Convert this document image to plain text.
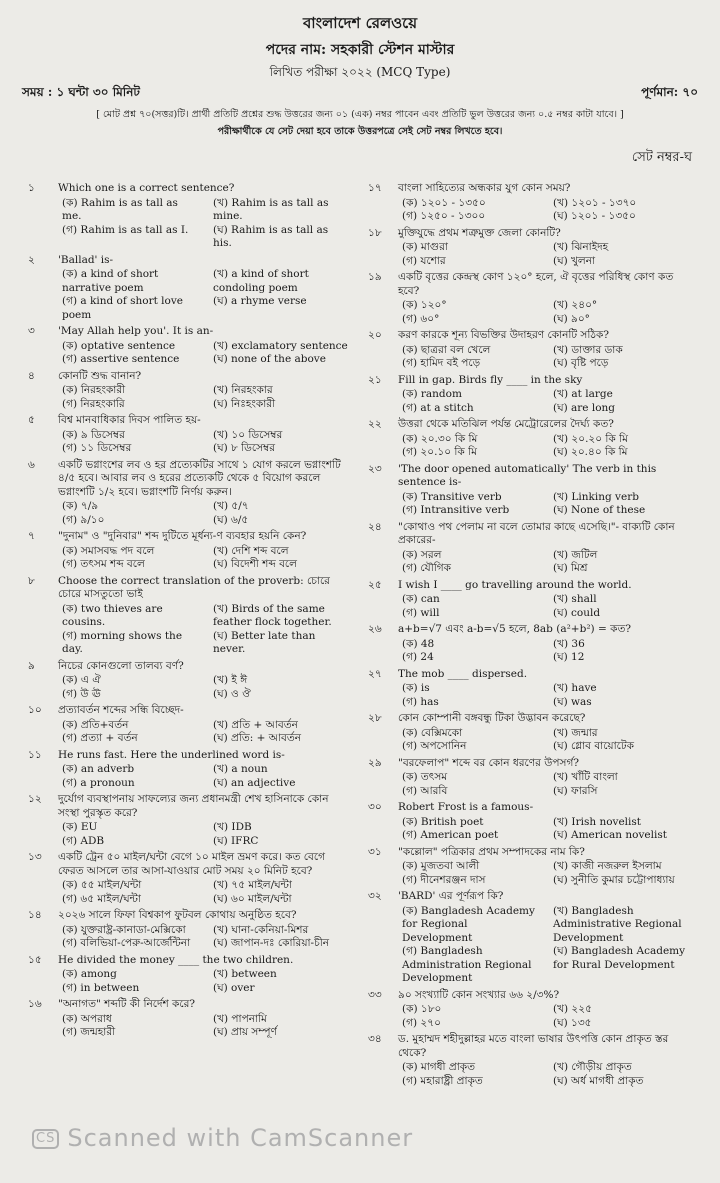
বাংলাদেশ রেলওয়ে
পদের নাম: সহকারী স্টেশন মাস্টার
লিখিত পরীক্ষা ২০২২ (MCQ Type)
সময় : ১ ঘন্টা ৩০ মিনিট	পূর্ণমান: ৭০
[ মোট প্রশ্ন ৭০(সত্তর)টি। প্রার্থী প্রতিটি প্রশ্নের শুদ্ধ উত্তরের জন্য ০১ (এক) নম্বর পাবেন এবং প্রতিটি ভুল উত্তরের জন্য ০.৫ নম্বর কাটা যাবে। ]
পরীক্ষার্থীকে যে সেট দেয়া হবে তাকে উত্তরপত্রে সেই সেট নম্বর লিখতে হবে।
সেট নম্বর-ঘ
১	Which one is a correct sentence?
(ক) Rahim is as tall as me.
(খ) Rahim is as tall as mine.
(গ) Rahim is as tall as I.	(ঘ) Rahim is as tall as his.
২	'Ballad' is-
(ক) a kind of short narrative poem
(খ) a kind of short condoling poem
(গ) a kind of short love poem
(ঘ) a rhyme verse
৩	'May Allah help you'. It is an-
(ক) optative sentence	(খ) exclamatory sentence
(গ) assertive sentence	(ঘ) none of the above
৪	কোনটি শুদ্ধ বানান?
(ক) নিরহংকারী	(খ) নিরহংকার
(গ) নিরহংকারি	(ঘ) নিঃহংকারী
৫	বিশ্ব মানবাধিকার দিবস পালিত হয়-
(ক) ৯ ডিসেম্বর	(খ) ১০ ডিসেম্বর
(গ) ১১ ডিসেম্বর	(ঘ) ৮ ডিসেম্বর
৬	একটি ভগ্নাংশের লব ও হর প্রত্যেকটির সাথে ১ যোগ করলে ভগ্নাংশটি ৪/৫ হবে। আবার লব ও হরের প্রত্যেকটি থেকে ৫ বিয়োগ করলে ভগ্নাংশটি ১/২ হবে। ভগ্নাংশটি নির্ণয় করুন।
(ক) ৭/৯	(খ) ৫/৭
(গ) ৯/১০	(ঘ) ৬/৫
৭	"দুনাম" ও "দুনিবার" শব্দ দুটিতে মূর্ধন্য-ণ ব্যবহার হয়নি কেন?
(ক) সমাসবদ্ধ পদ বলে	(খ) দেশি শব্দ বলে
(গ) তৎসম শব্দ বলে	(ঘ) বিদেশী শব্দ বলে
৮	Choose the correct translation of the proverb: চোরে চোরে মাসতুতো ভাই
(ক) two thieves are cousins.
(খ) Birds of the same feather flock together.
(গ) morning shows the day.
(ঘ) Better late than never.
৯	নিচের কোনগুলো তালব্য বর্ণ?
(ক) এ ঐ	(খ) ই ঈ
(গ) উ ঊ	(ঘ) ও ঔ
১০	প্রত্যাবর্তন শব্দের সন্ধি বিচ্ছেদ-
(ক) প্রতি+বর্তন	(খ) প্রতি + আবর্তন
(গ) প্রত্যা + বর্তন	(ঘ) প্রতি: + আবর্তন
১১	He runs fast. Here the underlined word is-
(ক) an adverb	(খ) a noun
(গ) a pronoun	(ঘ) an adjective
১২	দুর্যোগ ব্যবস্থাপনায় সাফল্যের জন্য প্রধানমন্ত্রী শেখ হাসিনাকে কোন সংস্থা পুরস্কৃত করে?
(ক) EU	(খ) IDB
(গ) ADB	(ঘ) IFRC
১৩	একটি ট্রেন ৫০ মাইল/ঘন্টা বেগে ১০ মাইল ভ্রমণ করে। কত বেগে ফেরত আসলে তার আসা-যাওয়ার মোট সময় ২০ মিনিট হবে?
(ক) ৫৫ মাইল/ঘন্টা	(খ) ৭৫ মাইল/ঘন্টা
(গ) ৬৫ মাইল/ঘন্টা	(ঘ) ৬০ মাইল/ঘন্টা
১৪	২০২৬ সালে ফিফা বিশ্বকাপ ফুটবল কোথায় অনুষ্ঠিত হবে?
(ক) যুক্তরাষ্ট্র-কানাডা-মেক্সিকো	(খ) ঘানা-কেনিয়া-মিশর
(গ) বলিভিয়া-পেরু-আর্জেন্টিনা	(ঘ) জাপান-দঃ কোরিয়া-চীন
১৫	He divided the money ____ the two children.
(ক) among	(খ) between
(গ) in between	(ঘ) over
১৬	"অনাগত" শব্দটি কী নির্দেশ করে?
(ক) অপরাধ	(খ) পাপনামি
(গ) জন্মহারী	(ঘ) প্রায় সম্পূর্ণ
১৭	বাংলা সাহিত্যের অন্ধকার যুগ কোন সময়?
(ক) ১২০১ - ১৩৫০	(খ) ১২০১ - ১৩৭০
(গ) ১২৫০ - ১৩০০	(ঘ) ১২০১ - ১৩৫০
১৮	মুক্তিযুদ্ধে প্রথম শত্রুমুক্ত জেলা কোনটি?
(ক) মাগুরা	(খ) ঝিনাইদহ
(গ) যশোর	(ঘ) খুলনা
১৯	একটি বৃত্তের কেন্দ্রস্থ কোণ ১২০° হলে, ঐ বৃত্তের পরিধিস্থ কোণ কত হবে?
(ক) ১২০°	(খ) ২৪০°
(গ) ৬০°	(ঘ) ৯০°
২০	করণ কারকে শূন্য বিভক্তির উদাহরণ কোনটি সঠিক?
(ক) ছাত্ররা বল খেলে	(খ) ডাক্তার ডাক
(গ) হামিদ বই পড়ে	(ঘ) বৃষ্টি পড়ে
২১	Fill in gap. Birds fly ____ in the sky
(ক) random	(খ) at large
(গ) at a stitch	(ঘ) are long
২২	উত্তরা থেকে মতিঝিল পর্যন্ত মেট্রোরেলের দৈর্ঘ্য কত?
(ক) ২০.৩০ কি মি	(খ) ২০.২০ কি মি
(গ) ২০.১০ কি মি	(ঘ) ২০.৪০ কি মি
২৩	'The door opened automatically' The verb in this sentence is-
(ক) Transitive verb	(খ) Linking verb
(গ) Intransitive verb	(ঘ) None of these
২৪	"কোথাও পথ পেলাম না বলে তোমার কাছে এসেছি।"- বাক্যটি কোন প্রকারের-
(ক) সরল	(খ) জটিল
(গ) যৌগিক	(ঘ) মিশ্র
২৫	I wish I ____ go travelling around the world.
(ক) can	(খ) shall
(গ) will	(ঘ) could
২৬	a+b=√7 এবং a-b=√5 হলে, 8ab (a²+b²) = কত?
(ক) 48	(খ) 36
(গ) 24	(ঘ) 12
২৭	The mob ____ dispersed.
(ক) is	(খ) have
(গ) has	(ঘ) was
২৮	কোন কোম্পানী বঙ্গবন্ধু টিকা উদ্ভাবন করেছে?
(ক) বেক্সিমকো	(খ) জন্মার
(গ) অপসোনিন	(ঘ) গ্লোব বায়োটেক
২৯	"বরফেলাপ" শব্দে বর কোন ধরণের উপসর্গ?
(ক) তৎসম	(খ) খাঁটি বাংলা
(গ) আরবি	(ঘ) ফারসি
৩০	Robert Frost is a famous-
(ক) British poet	(খ) Irish novelist
(গ) American poet	(ঘ) American novelist
৩১	"কল্লোল" পত্রিকার প্রথম সম্পাদকের নাম কি?
(ক) মুজতবা আলী	(খ) কাজী নজরুল ইসলাম
(গ) দীনেশরঞ্জন দাস	(ঘ) সুনীতি কুমার চট্টোপাধ্যায়
৩২	'BARD' এর পূর্ণরূপ কি?
(ক) Bangladesh Academy for Regional Development
(খ) Bangladesh Administrative Regional Development
(গ) Bangladesh Administration Regional Development
(ঘ) Bangladesh Academy for Rural Development
৩৩	৯০ সংখ্যাটি কোন সংখ্যার ৬৬ ২/৩%?
(ক) ১৮০	(খ) ২২৫
(গ) ২৭০	(ঘ) ১৩৫
৩৪	ড. মুহাম্মদ শহীদুল্লাহর মতে বাংলা ভাষার উৎপত্তি কোন প্রাকৃত স্তর থেকে?
(ক) মাগধী প্রাকৃত	(খ) গৌড়ীয় প্রাকৃত
(গ) মহারাষ্ট্রী প্রাকৃত	(ঘ) অর্ধ মাগধী প্রাকৃত
CS Scanned with CamScanner
